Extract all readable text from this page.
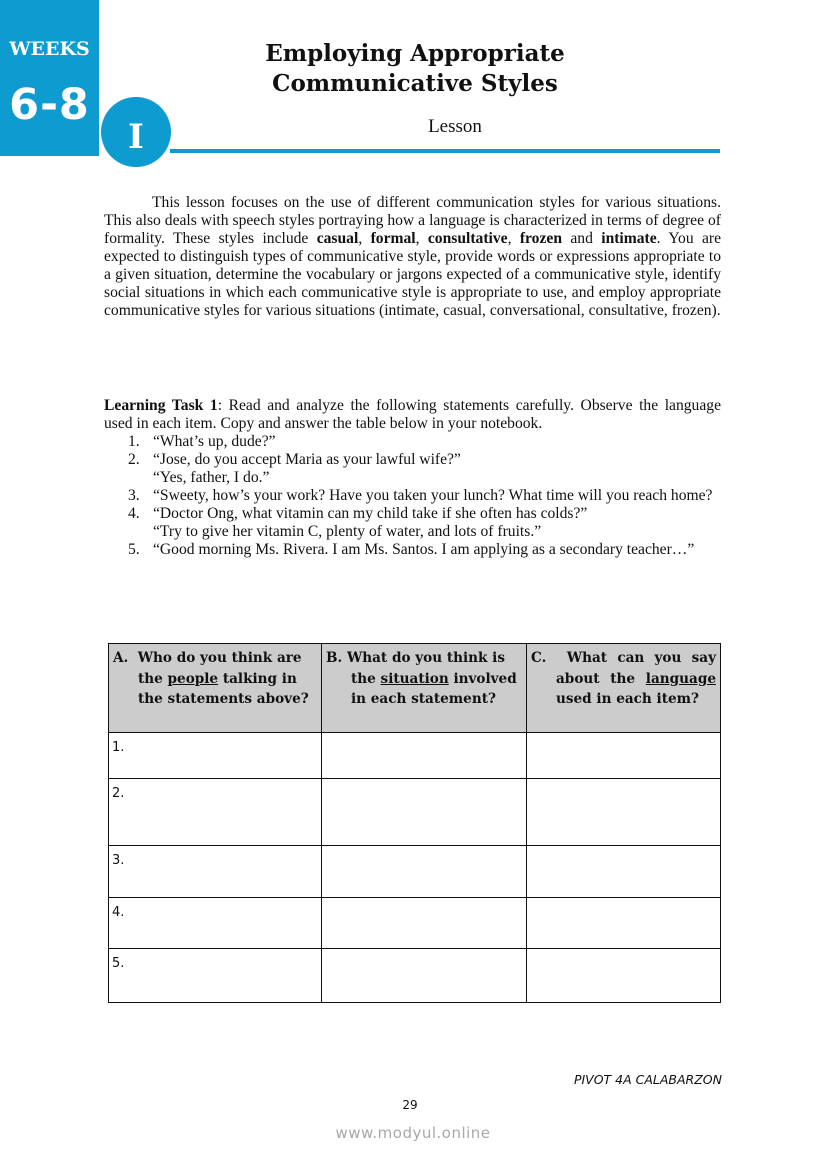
WEEKS
6-8
I
Employing Appropriate
Communicative Styles
Lesson

This lesson focuses on the use of different communication styles for various situations. This also deals with speech styles portraying how a language is characterized in terms of degree of formality. These styles include casual, formal, consultative, frozen and intimate. You are expected to distinguish types of communicative style, provide words or expressions appropriate to a given situation, determine the vocabulary or jargons expected of a communicative style, identify social situations in which each communicative style is appropriate to use, and employ appropriate communicative styles for various situations (intimate, casual, conversational, consultative, frozen).

Learning Task 1: Read and analyze the following statements carefully. Observe the language used in each item. Copy and answer the table below in your notebook.
1. “What’s up, dude?”
2. “Jose, do you accept Maria as your lawful wife?”
“Yes, father, I do.”
3. “Sweety, how’s your work? Have you taken your lunch? What time will you reach home?
4. “Doctor Ong, what vitamin can my child take if she often has colds?”
“Try to give her vitamin C, plenty of water, and lots of fruits.”
5. “Good morning Ms. Rivera. I am Ms. Santos. I am applying as a secondary teacher…”
A. Who do you think are the people talking in the statements above?	B. What do you think is the situation involved in each statement?	C. What can you say about the language used in each item?

1.		
2.		
3.		
4.		
5.		
PIVOT 4A CALABARZON
29
www.modyul.online
